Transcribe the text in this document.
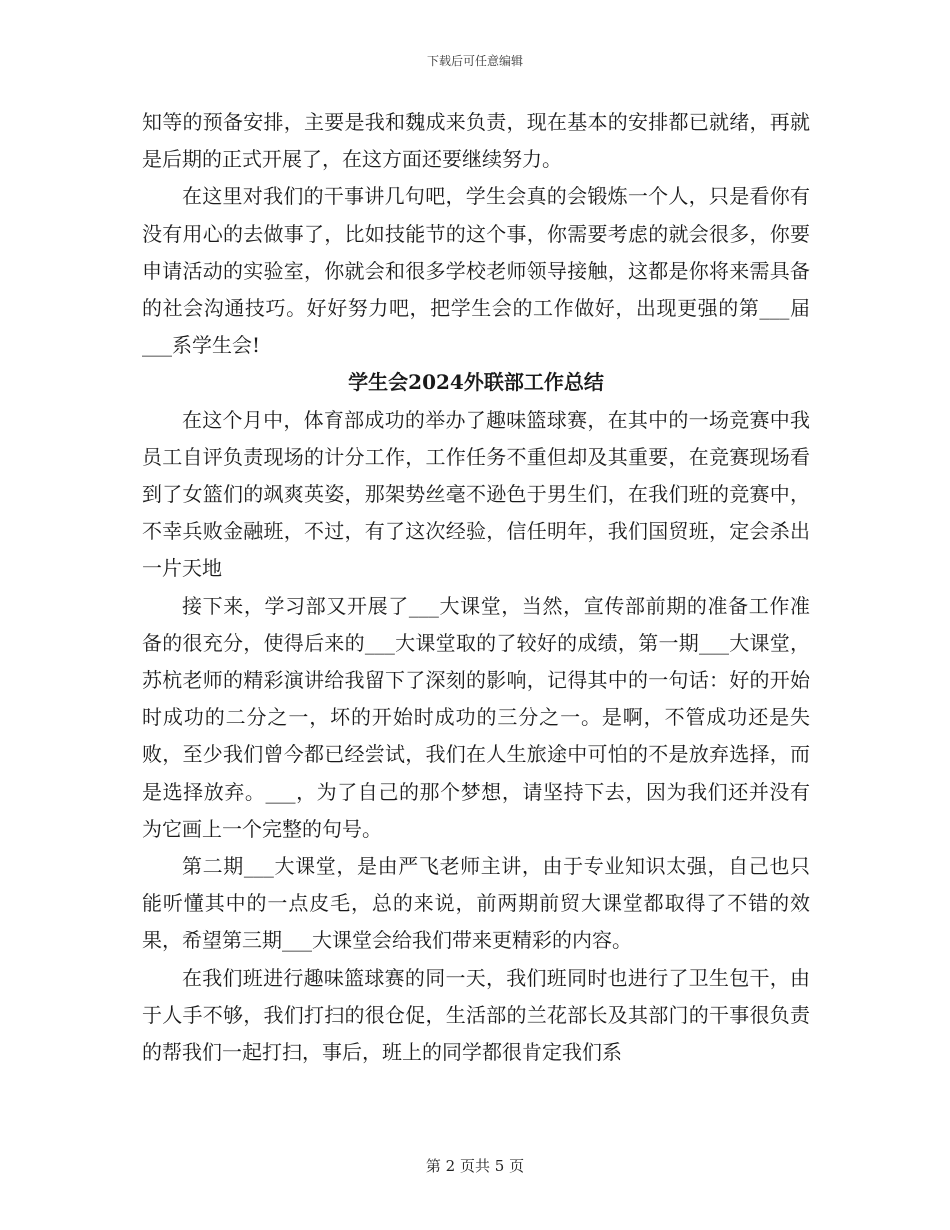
下载后可任意编辑

知等的预备安排，主要是我和魏成来负责，现在基本的安排都已就绪，再就是后期的正式开展了，在这方面还要继续努力。

在这里对我们的干事讲几句吧，学生会真的会锻炼一个人，只是看你有没有用心的去做事了，比如技能节的这个事，你需要考虑的就会很多，你要申请活动的实验室，你就会和很多学校老师领导接触，这都是你将来需具备的社会沟通技巧。好好努力吧，把学生会的工作做好，出现更强的第___届___系学生会!

学生会2024外联部工作总结

在这个月中，体育部成功的举办了趣味篮球赛，在其中的一场竞赛中我员工自评负责现场的计分工作，工作任务不重但却及其重要，在竞赛现场看到了女篮们的飒爽英姿，那架势丝毫不逊色于男生们，在我们班的竞赛中，不幸兵败金融班，不过，有了这次经验，信任明年，我们国贸班，定会杀出一片天地

接下来，学习部又开展了___大课堂，当然，宣传部前期的准备工作准备的很充分，使得后来的___大课堂取的了较好的成绩，第一期___大课堂，苏杭老师的精彩演讲给我留下了深刻的影响，记得其中的一句话：好的开始时成功的二分之一，坏的开始时成功的三分之一。是啊，不管成功还是失败，至少我们曾今都已经尝试，我们在人生旅途中可怕的不是放弃选择，而是选择放弃。___，为了自己的那个梦想，请坚持下去，因为我们还并没有为它画上一个完整的句号。

第二期___大课堂，是由严飞老师主讲，由于专业知识太强，自己也只能听懂其中的一点皮毛，总的来说，前两期前贸大课堂都取得了不错的效果，希望第三期___大课堂会给我们带来更精彩的内容。

在我们班进行趣味篮球赛的同一天，我们班同时也进行了卫生包干，由于人手不够，我们打扫的很仓促，生活部的兰花部长及其部门的干事很负责的帮我们一起打扫，事后，班上的同学都很肯定我们系

第 2 页共 5 页
